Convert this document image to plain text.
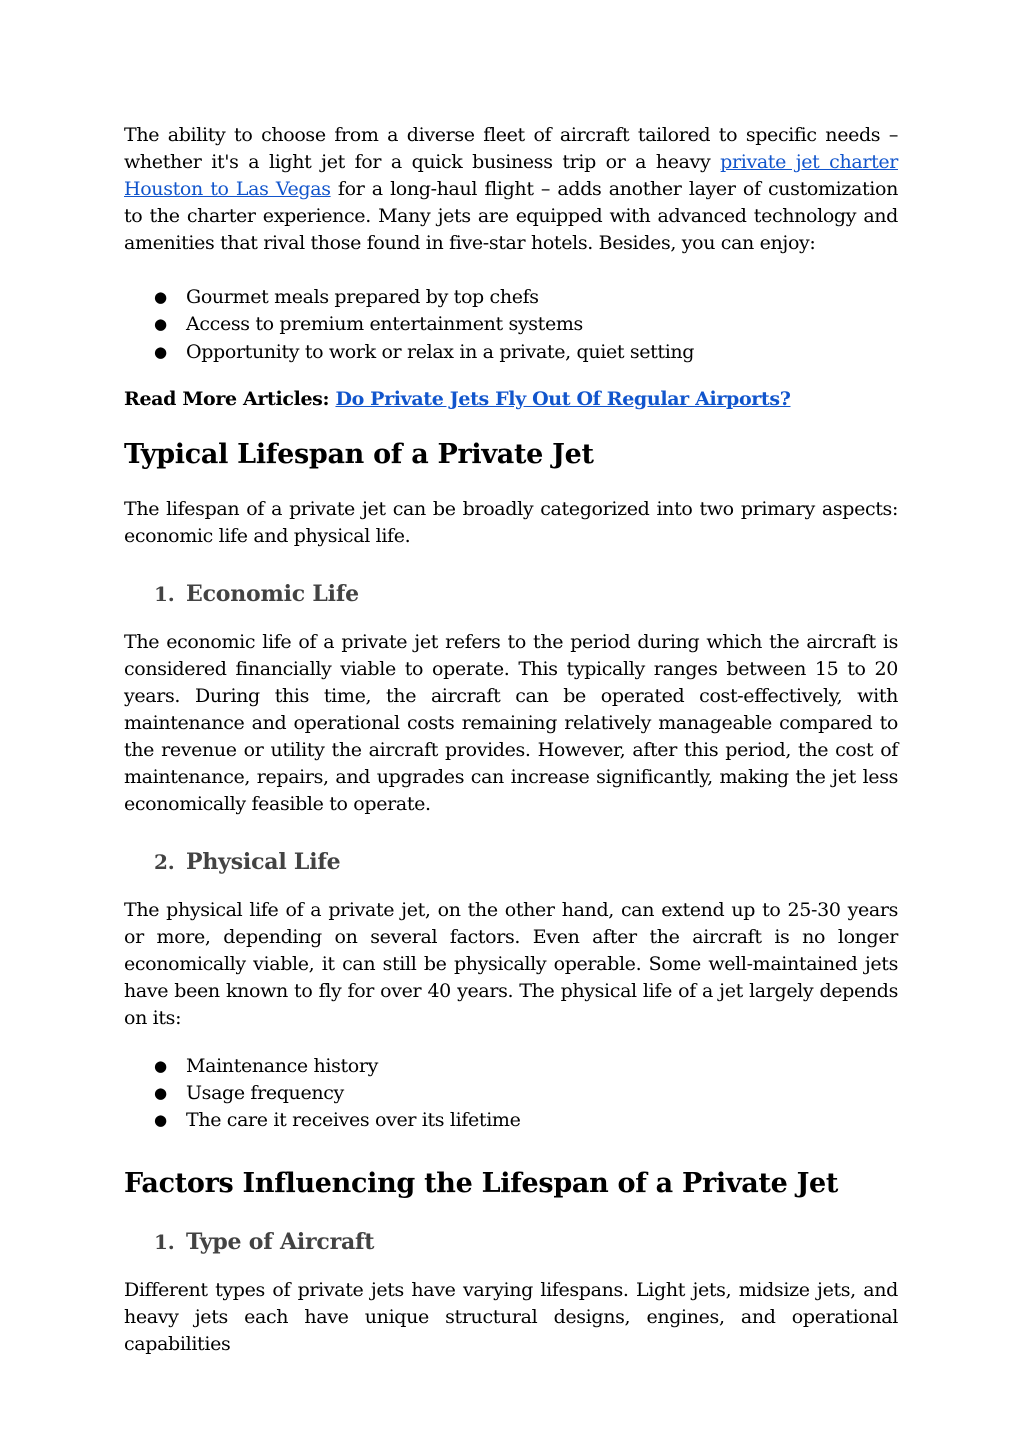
The ability to choose from a diverse fleet of aircraft tailored to specific needs – whether it's a light jet for a quick business trip or a heavy private jet charter Houston to Las Vegas for a long-haul flight – adds another layer of customization to the charter experience. Many jets are equipped with advanced technology and amenities that rival those found in five-star hotels. Besides, you can enjoy:

● Gourmet meals prepared by top chefs
● Access to premium entertainment systems
● Opportunity to work or relax in a private, quiet setting

Read More Articles: Do Private Jets Fly Out Of Regular Airports?

Typical Lifespan of a Private Jet

The lifespan of a private jet can be broadly categorized into two primary aspects: economic life and physical life.

1. Economic Life

The economic life of a private jet refers to the period during which the aircraft is considered financially viable to operate. This typically ranges between 15 to 20 years. During this time, the aircraft can be operated cost-effectively, with maintenance and operational costs remaining relatively manageable compared to the revenue or utility the aircraft provides. However, after this period, the cost of maintenance, repairs, and upgrades can increase significantly, making the jet less economically feasible to operate.

2. Physical Life

The physical life of a private jet, on the other hand, can extend up to 25-30 years or more, depending on several factors. Even after the aircraft is no longer economically viable, it can still be physically operable. Some well-maintained jets have been known to fly for over 40 years. The physical life of a jet largely depends on its:

● Maintenance history
● Usage frequency
● The care it receives over its lifetime
Factors Influencing the Lifespan of a Private Jet
1. Type of Aircraft

Different types of private jets have varying lifespans. Light jets, midsize jets, and heavy jets each have unique structural designs, engines, and operational capabilities
